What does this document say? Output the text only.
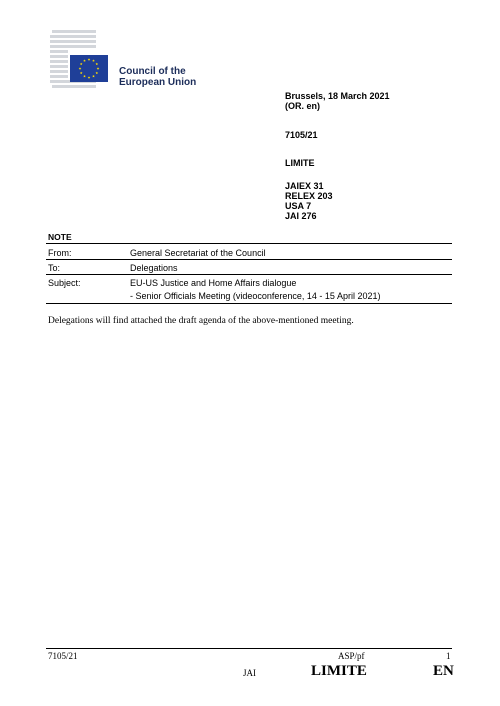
Council of the
European Union
Brussels, 18 March 2021
(OR. en)
7105/21
LIMITE
JAIEX 31
RELEX 203
USA 7
JAI 276
NOTE
From:	General Secretariat of the Council
To:	Delegations
Subject:	EU-US Justice and Home Affairs dialogue
- Senior Officials Meeting (videoconference, 14 - 15 April 2021)
Delegations will find attached the draft agenda of the above-mentioned meeting.
7105/21	ASP/pf	1
JAI	LIMITE	EN
